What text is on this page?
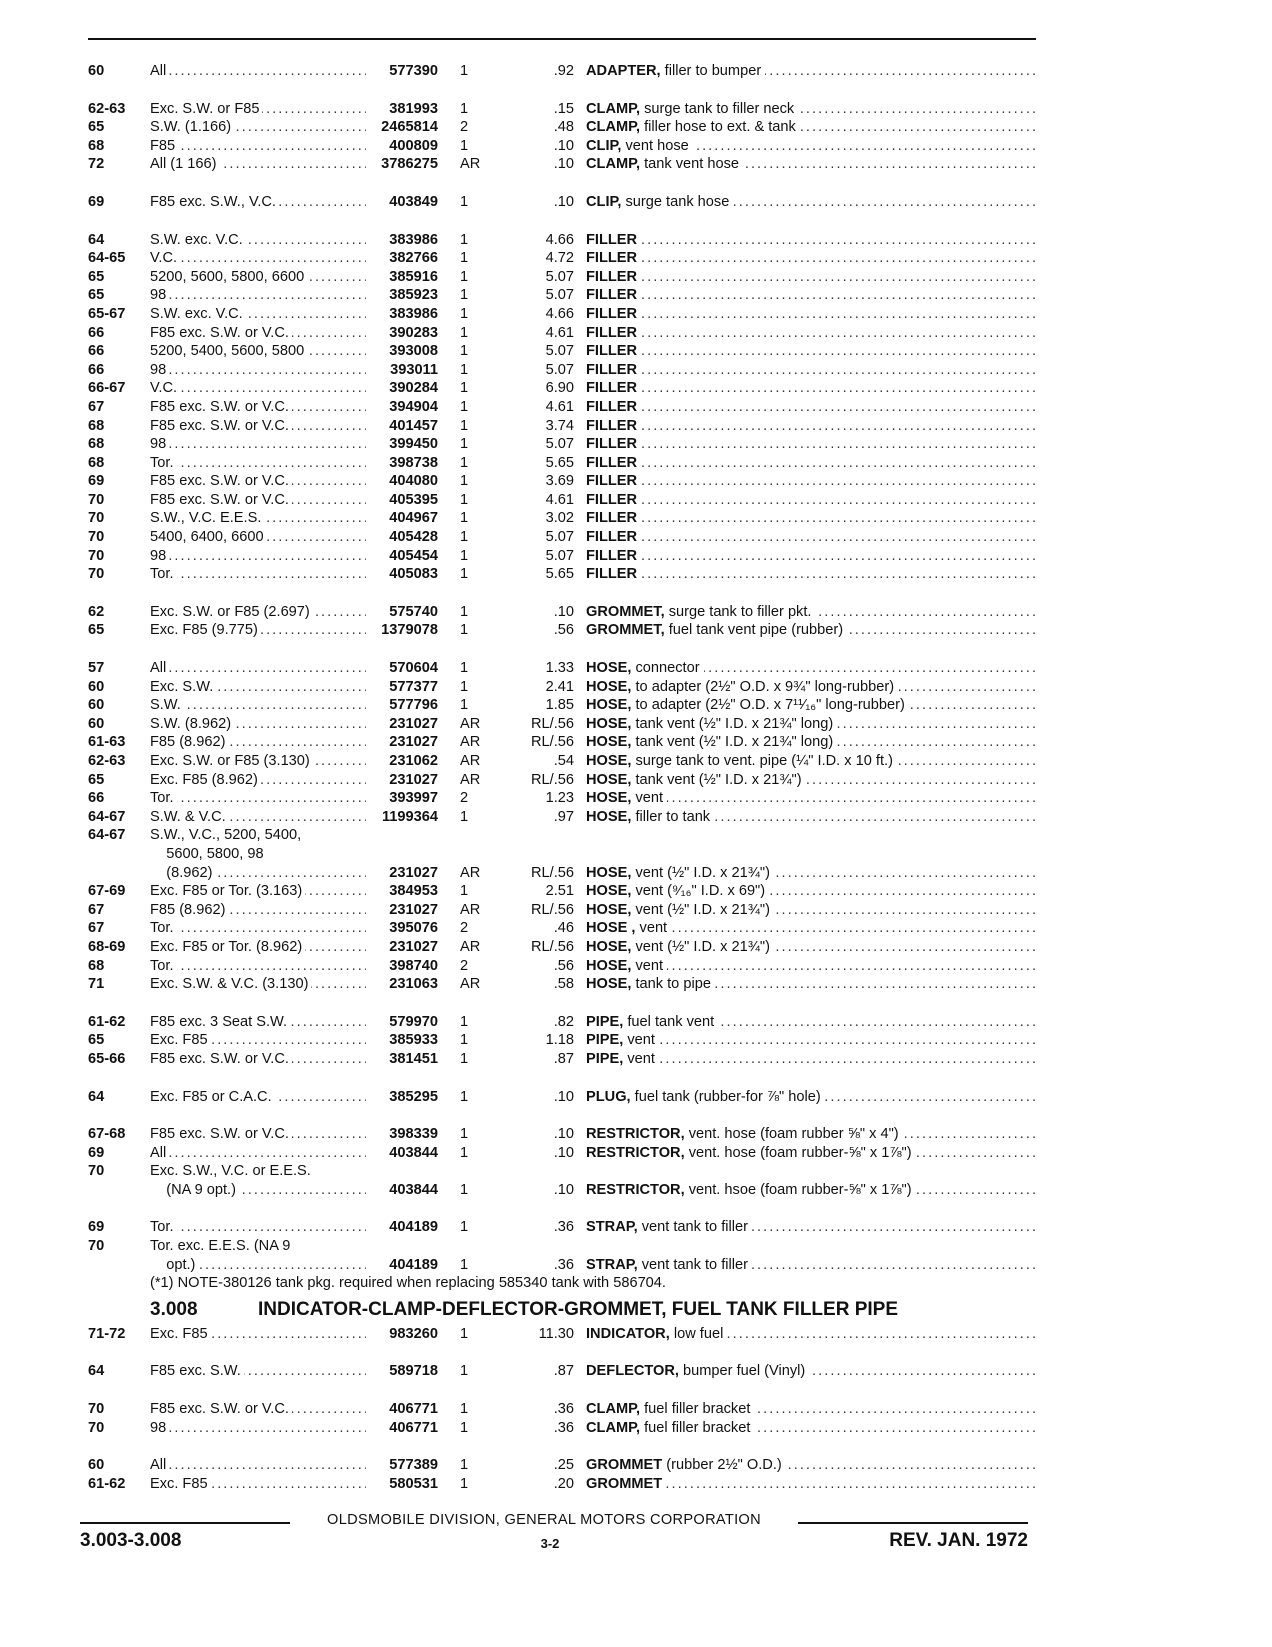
60	All . . .	577390 1	.92 ADAPTER, filler to bumper . . .
62-63	Exc. S.W. or F85 . . .	381993 1	.15 CLAMP, surge tank to filler neck . . .
65	S.W. (1.166) . . .	2465814 2	.48 CLAMP, filler hose to ext. & tank . . .
68	F85 . . .	400809 1	.10 CLIP, vent hose . . .
72	All (1 166) . . .	3786275 AR	.10 CLAMP, tank vent hose . . .
69	F85 exc. S.W., V.C. . . .	403849 1	.10 CLIP, surge tank hose . . .
64	S.W. exc. V.C. . . .	383986 1	4.66 FILLER . . .
64-65	V.C. . . .	382766 1	4.72 FILLER . . .
65	5200, 5600, 5800, 6600 . . .	385916 1	5.07 FILLER . . .
65	98 . . .	385923 1	5.07 FILLER . . .
65-67	S.W. exc. V.C. . . .	383986 1	4.66 FILLER . . .
66	F85 exc. S.W. or V.C. . . .	390283 1	4.61 FILLER . . .
66	5200, 5400, 5600, 5800 . . .	393008 1	5.07 FILLER . . .
66	98 . . .	393011 1	5.07 FILLER . . .
66-67	V.C. . . .	390284 1	6.90 FILLER . . .
67	F85 exc. S.W. or V.C. . . .	394904 1	4.61 FILLER . . .
68	F85 exc. S.W. or V.C. . . .	401457 1	3.74 FILLER . . .
68	98 . . .	399450 1	5.07 FILLER . . .
68	Tor. . . .	398738 1	5.65 FILLER . . .
69	F85 exc. S.W. or V.C. . . .	404080 1	3.69 FILLER . . .
70	F85 exc. S.W. or V.C. . . .	405395 1	4.61 FILLER . . .
70	S.W., V.C. E.E.S. . . .	404967 1	3.02 FILLER . . .
70	5400, 6400, 6600 . . .	405428 1	5.07 FILLER . . .
70	98 . . .	405454 1	5.07 FILLER . . .
70	Tor. . . .	405083 1	5.65 FILLER . . .
62	Exc. S.W. or F85 (2.697) . . .	575740 1	.10 GROMMET, surge tank to filler pkt. . . .
65	Exc. F85 (9.775) . . .	1379078 1	.56 GROMMET, fuel tank vent pipe (rubber) . . .
57	All . . .	570604 1	1.33 HOSE, connector . . .
60	Exc. S.W. . . .	577377 1	2.41 HOSE, to adapter (2½" O.D. x 9¾" long-rubber) . . .
60	S.W. . . .	577796 1	1.85 HOSE, to adapter (2½" O.D. x 7¹¹⁄₁₆" long-rubber) . . .
60	S.W. (8.962) . . .	231027 AR	RL/.56 HOSE, tank vent (½" I.D. x 21¾" long) . . .
61-63	F85 (8.962) . . .	231027 AR	RL/.56 HOSE, tank vent (½" I.D. x 21¾" long) . . .
62-63	Exc. S.W. or F85 (3.130) . . .	231062 AR	.54 HOSE, surge tank to vent. pipe (¼" I.D. x 10 ft.) . . .
65	Exc. F85 (8.962) . . .	231027 AR	RL/.56 HOSE, tank vent (½" I.D. x 21¾") . . .
66	Tor. . . .	393997 2	1.23 HOSE, vent . . .
64-67	S.W. & V.C. . . .	1199364 1	.97 HOSE, filler to tank . . .
64-67	S.W., V.C., 5200, 5400,
5600, 5800, 98
(8.962) . . .	231027 AR	RL/.56 HOSE, vent (½" I.D. x 21¾") . . .
67-69	Exc. F85 or Tor. (3.163) . . .	384953 1	2.51 HOSE, vent (⁹⁄₁₆" I.D. x 69") . . .
67	F85 (8.962) . . .	231027 AR	RL/.56 HOSE, vent (½" I.D. x 21¾") . . .
67	Tor. . . .	395076 2	.46 HOSE , vent . . .
68-69	Exc. F85 or Tor. (8.962) . . .	231027 AR	RL/.56 HOSE, vent (½" I.D. x 21¾") . . .
68	Tor. . . .	398740 2	.56 HOSE, vent . . .
71	Exc. S.W. & V.C. (3.130) . . .	231063 AR	.58 HOSE, tank to pipe . . .
61-62	F85 exc. 3 Seat S.W. . . .	579970 1	.82 PIPE, fuel tank vent . . .
65	Exc. F85 . . .	385933 1	1.18 PIPE, vent . . .
65-66	F85 exc. S.W. or V.C. . . .	381451 1	.87 PIPE, vent . . .
64	Exc. F85 or C.A.C. . . .	385295 1	.10 PLUG, fuel tank (rubber-for ⅞" hole) . . .
67-68	F85 exc. S.W. or V.C. . . .	398339 1	.10 RESTRICTOR, vent. hose (foam rubber ⅝" x 4") . . .
69	All . . .	403844 1	.10 RESTRICTOR, vent. hose (foam rubber-⅝" x 1⅞") . . .
70	Exc. S.W., V.C. or E.E.S.
(NA 9 opt.) . . .	403844 1	.10 RESTRICTOR, vent. hsoe (foam rubber-⅝" x 1⅞") . . .
69	Tor. . . .	404189 1	.36 STRAP, vent tank to filler . . .
70	Tor. exc. E.E.S. (NA 9
opt.) . . .	404189 1	.36 STRAP, vent tank to filler . . .
(*1) NOTE-380126 tank pkg. required when replacing 585340 tank with 586704.
3.008	INDICATOR-CLAMP-DEFLECTOR-GROMMET, FUEL TANK FILLER PIPE
71-72	Exc. F85 . . .	983260 1	11.30 INDICATOR, low fuel . . .
64	F85 exc. S.W. . . .	589718 1	.87 DEFLECTOR, bumper fuel (Vinyl) . . .
70	F85 exc. S.W. or V.C. . . .	406771 1	.36 CLAMP, fuel filler bracket . . .
70	98 . . .	406771 1	.36 CLAMP, fuel filler bracket . . .
60	All . . .	577389 1	.25 GROMMET (rubber 2½" O.D.) . . .
61-62	Exc. F85 . . .	580531 1	.20 GROMMET . . .
OLDSMOBILE DIVISION, GENERAL MOTORS CORPORATION
3.003-3.008	3-2	REV. JAN. 1972
